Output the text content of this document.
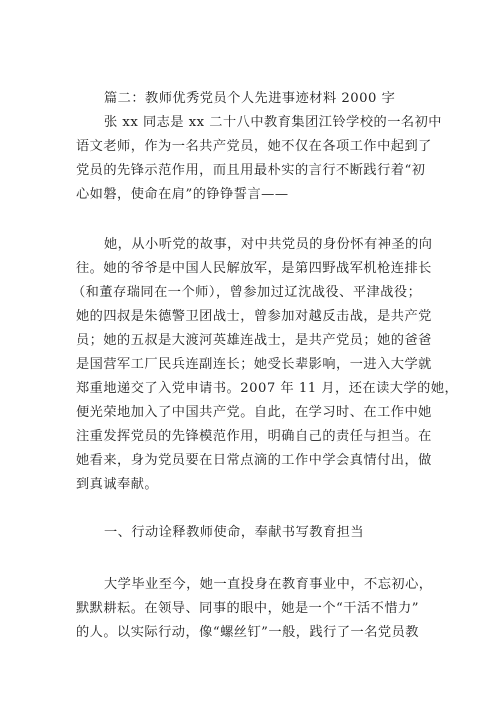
篇二：教师优秀党员个人先进事迹材料 2000 字
张 xx 同志是 xx 二十八中教育集团江铃学校的一名初中
语文老师，作为一名共产党员，她不仅在各项工作中起到了
党员的先锋示范作用，而且用最朴实的言行不断践行着“初
心如磐，使命在肩”的铮铮誓言——
她，从小听党的故事，对中共党员的身份怀有神圣的向
往。她的爷爷是中国人民解放军，是第四野战军机枪连排长
（和董存瑞同在一个师），曾参加过辽沈战役、平津战役；
她的四叔是朱德警卫团战士，曾参加对越反击战，是共产党
员；她的五叔是大渡河英雄连战士，是共产党员；她的爸爸
是国营军工厂民兵连副连长；她受长辈影响，一进入大学就
郑重地递交了入党申请书。2007 年 11 月，还在读大学的她，
便光荣地加入了中国共产党。自此，在学习时、在工作中她
注重发挥党员的先锋模范作用，明确自己的责任与担当。在
她看来，身为党员要在日常点滴的工作中学会真情付出，做
到真诚奉献。
一、行动诠释教师使命，奉献书写教育担当
大学毕业至今，她一直投身在教育事业中，不忘初心，
默默耕耘。在领导、同事的眼中，她是一个“干活不惜力”
的人。以实际行动，像“螺丝钉”一般，践行了一名党员教
